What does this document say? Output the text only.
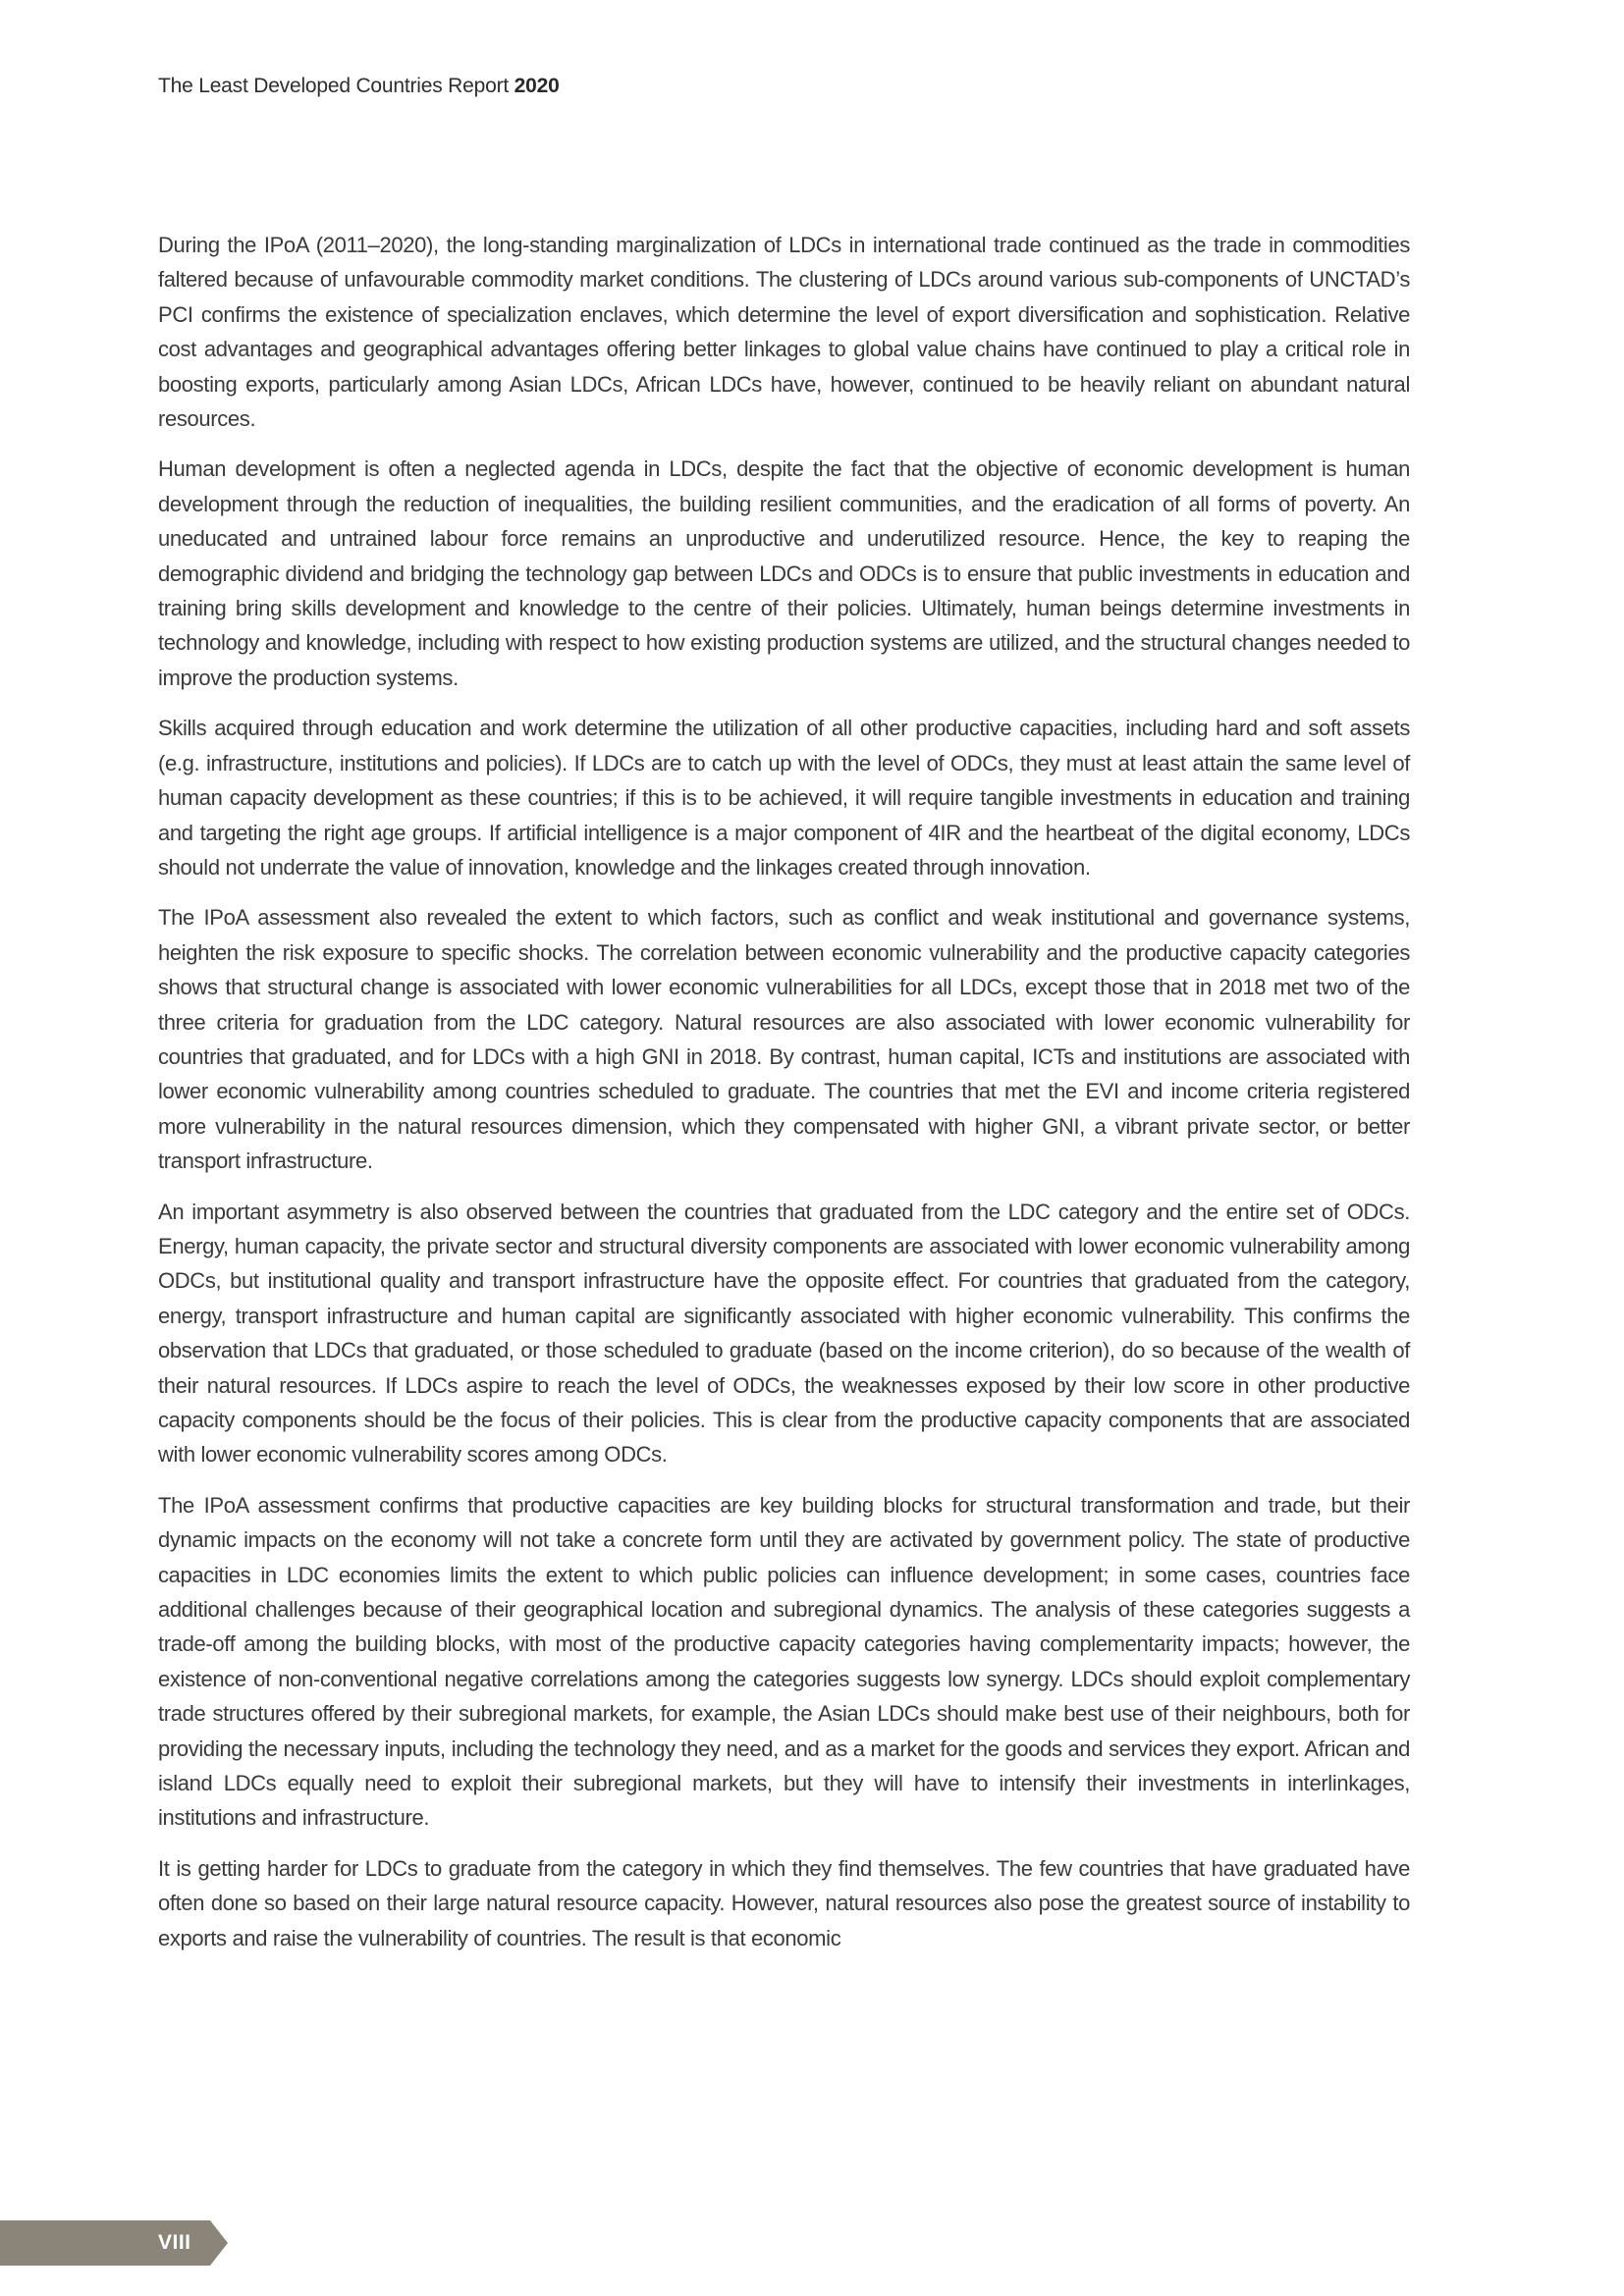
The Least Developed Countries Report 2020

During the IPoA (2011–2020), the long-standing marginalization of LDCs in international trade continued as the trade in commodities faltered because of unfavourable commodity market conditions. The clustering of LDCs around various sub-components of UNCTAD’s PCI confirms the existence of specialization enclaves, which determine the level of export diversification and sophistication. Relative cost advantages and geographical advantages offering better linkages to global value chains have continued to play a critical role in boosting exports, particularly among Asian LDCs, African LDCs have, however, continued to be heavily reliant on abundant natural resources.

Human development is often a neglected agenda in LDCs, despite the fact that the objective of economic development is human development through the reduction of inequalities, the building resilient communities, and the eradication of all forms of poverty. An uneducated and untrained labour force remains an unproductive and underutilized resource. Hence, the key to reaping the demographic dividend and bridging the technology gap between LDCs and ODCs is to ensure that public investments in education and training bring skills development and knowledge to the centre of their policies. Ultimately, human beings determine investments in technology and knowledge, including with respect to how existing production systems are utilized, and the structural changes needed to improve the production systems.

Skills acquired through education and work determine the utilization of all other productive capacities, including hard and soft assets (e.g. infrastructure, institutions and policies). If LDCs are to catch up with the level of ODCs, they must at least attain the same level of human capacity development as these countries; if this is to be achieved, it will require tangible investments in education and training and targeting the right age groups. If artificial intelligence is a major component of 4IR and the heartbeat of the digital economy, LDCs should not underrate the value of innovation, knowledge and the linkages created through innovation.

The IPoA assessment also revealed the extent to which factors, such as conflict and weak institutional and governance systems, heighten the risk exposure to specific shocks. The correlation between economic vulnerability and the productive capacity categories shows that structural change is associated with lower economic vulnerabilities for all LDCs, except those that in 2018 met two of the three criteria for graduation from the LDC category. Natural resources are also associated with lower economic vulnerability for countries that graduated, and for LDCs with a high GNI in 2018. By contrast, human capital, ICTs and institutions are associated with lower economic vulnerability among countries scheduled to graduate. The countries that met the EVI and income criteria registered more vulnerability in the natural resources dimension, which they compensated with higher GNI, a vibrant private sector, or better transport infrastructure.

An important asymmetry is also observed between the countries that graduated from the LDC category and the entire set of ODCs. Energy, human capacity, the private sector and structural diversity components are associated with lower economic vulnerability among ODCs, but institutional quality and transport infrastructure have the opposite effect. For countries that graduated from the category, energy, transport infrastructure and human capital are significantly associated with higher economic vulnerability. This confirms the observation that LDCs that graduated, or those scheduled to graduate (based on the income criterion), do so because of the wealth of their natural resources. If LDCs aspire to reach the level of ODCs, the weaknesses exposed by their low score in other productive capacity components should be the focus of their policies. This is clear from the productive capacity components that are associated with lower economic vulnerability scores among ODCs.

The IPoA assessment confirms that productive capacities are key building blocks for structural transformation and trade, but their dynamic impacts on the economy will not take a concrete form until they are activated by government policy. The state of productive capacities in LDC economies limits the extent to which public policies can influence development; in some cases, countries face additional challenges because of their geographical location and subregional dynamics. The analysis of these categories suggests a trade-off among the building blocks, with most of the productive capacity categories having complementarity impacts; however, the existence of non-conventional negative correlations among the categories suggests low synergy. LDCs should exploit complementary trade structures offered by their subregional markets, for example, the Asian LDCs should make best use of their neighbours, both for providing the necessary inputs, including the technology they need, and as a market for the goods and services they export. African and island LDCs equally need to exploit their subregional markets, but they will have to intensify their investments in interlinkages, institutions and infrastructure.

It is getting harder for LDCs to graduate from the category in which they find themselves. The few countries that have graduated have often done so based on their large natural resource capacity. However, natural resources also pose the greatest source of instability to exports and raise the vulnerability of countries. The result is that economic

VIII
